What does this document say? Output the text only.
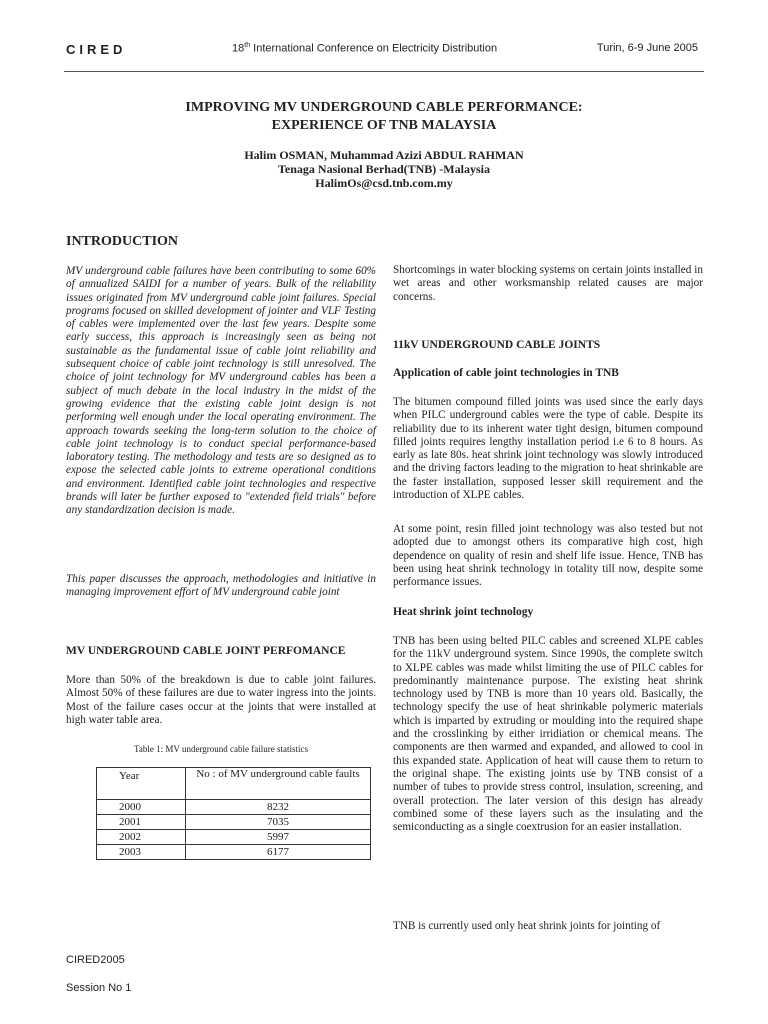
CIRED	18th International Conference on Electricity Distribution	Turin, 6-9 June 2005
IMPROVING MV UNDERGROUND CABLE PERFORMANCE:
EXPERIENCE OF TNB MALAYSIA
Halim OSMAN, Muhammad Azizi ABDUL RAHMAN
Tenaga Nasional Berhad(TNB) -Malaysia
HalimOs@csd.tnb.com.my
INTRODUCTION
MV underground cable failures have been contributing to some 60% of annualized SAIDI for a number of years. Bulk of the reliability issues originated from MV underground cable joint failures. Special programs focused on skilled development of jointer and VLF Testing of cables were implemented over the last few years. Despite some early success, this approach is increasingly seen as being not sustainable as the fundamental issue of cable joint reliability and subsequent choice of cable joint technology is still unresolved. The choice of joint technology for MV underground cables has been a subject of much debate in the local industry in the midst of the growing evidence that the existing cable joint design is not performing well enough under the local operating environment. The approach towards seeking the long-term solution to the choice of cable joint technology is to conduct special performance-based laboratory testing. The methodology and tests are so designed as to expose the selected cable joints to extreme operational conditions and environment. Identified cable joint technologies and respective brands will later be further exposed to "extended field trials" before any standardization decision is made.
This paper discusses the approach, methodologies and initiative in managing improvement effort of MV underground cable joint
MV UNDERGROUND CABLE JOINT PERFOMANCE
More than 50% of the breakdown is due to cable joint failures. Almost 50% of these failures are due to water ingress into the joints. Most of the failure cases occur at the joints that were installed at high water table area.
Table 1: MV underground cable failure statistics
Year	No : of MV underground cable faults
2000	8232
2001	7035
2002	5997
2003	6177
Shortcomings in water blocking systems on certain joints installed in wet areas and other worksmanship related causes are major concerns.
11kV UNDERGROUND CABLE JOINTS
Application of cable joint technologies in TNB
The bitumen compound filled joints was used since the early days when PILC underground cables were the type of cable. Despite its reliability due to its inherent water tight design, bitumen compound filled joints requires lengthy installation period i.e 6 to 8 hours. As early as late 80s. heat shrink joint technology was slowly introduced and the driving factors leading to the migration to heat shrinkable are the faster installation, supposed lesser skill requirement and the introduction of XLPE cables.
At some point, resin filled joint technology was also tested but not adopted due to amongst others its comparative high cost, high dependence on quality of resin and shelf life issue. Hence, TNB has been using heat shrink technology in totality till now, despite some performance issues.
Heat shrink joint technology
TNB has been using belted PILC cables and screened XLPE cables for the 11kV underground system. Since 1990s, the complete switch to XLPE cables was made whilst limiting the use of PILC cables for predominantly maintenance purpose. The existing heat shrink technology used by TNB is more than 10 years old. Basically, the technology specify the use of heat shrinkable polymeric materials which is imparted by extruding or moulding into the required shape and the crosslinking by either irridiation or chemical means. The components are then warmed and expanded, and allowed to cool in this expanded state. Application of heat will cause them to return to the original shape. The existing joints use by TNB consist of a number of tubes to provide stress control, insulation, screening, and overall protection. The later version of this design has already combined some of these layers such as the insulating and the semiconducting as a single coextrusion for an easier installation.
TNB is currently used only heat shrink joints for jointing of
CIRED2005
Session No 1
